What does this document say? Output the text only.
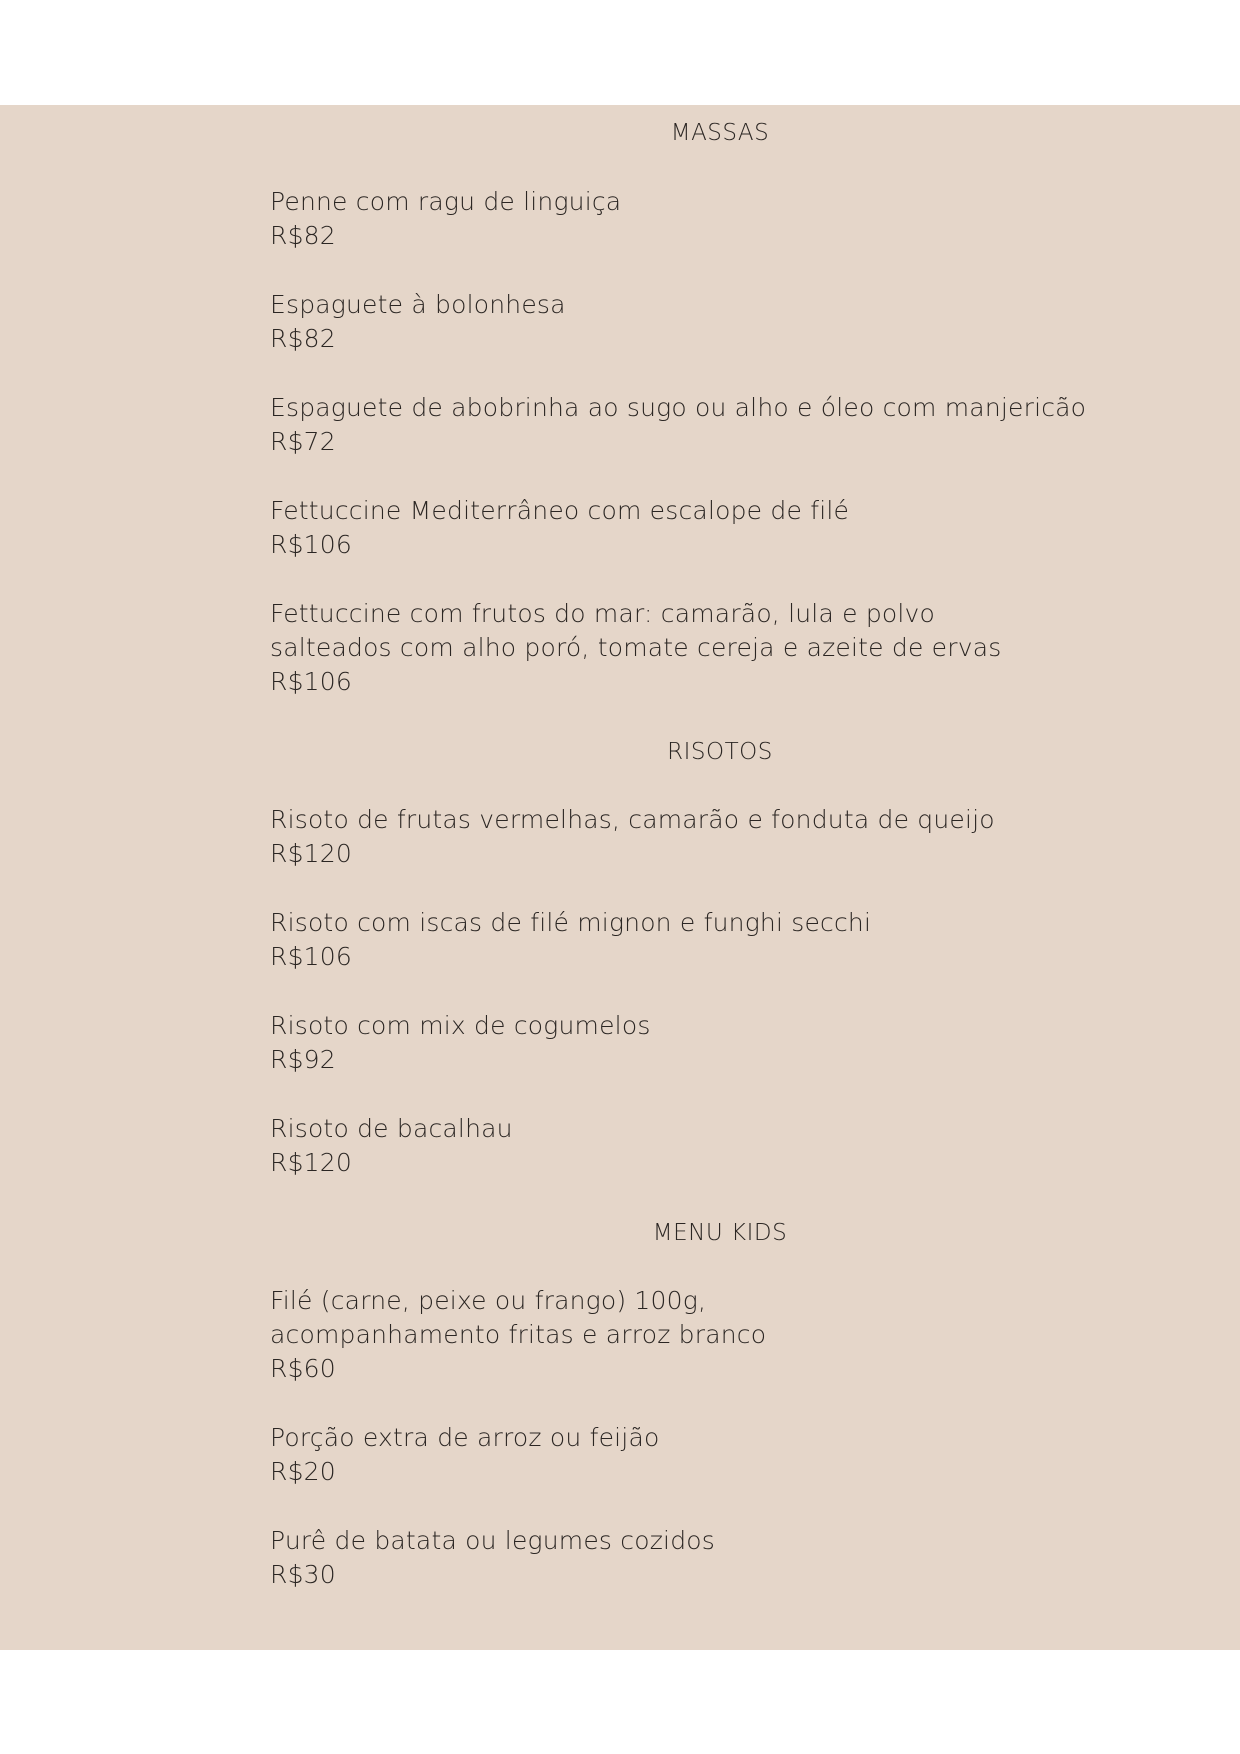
MASSAS
Penne com ragu de linguiça
R$82
Espaguete à bolonhesa
R$82
Espaguete de abobrinha ao sugo ou alho e óleo com manjericão
R$72
Fettuccine Mediterrâneo com escalope de filé
R$106
Fettuccine com frutos do mar: camarão, lula e polvo
salteados com alho poró, tomate cereja e azeite de ervas
R$106
RISOTOS
Risoto de frutas vermelhas, camarão e fonduta de queijo
R$120
Risoto com iscas de filé mignon e funghi secchi
R$106
Risoto com mix de cogumelos
R$92
Risoto de bacalhau
R$120
MENU KIDS
Filé (carne, peixe ou frango) 100g,
acompanhamento fritas e arroz branco
R$60
Porção extra de arroz ou feijão
R$20
Purê de batata ou legumes cozidos
R$30
